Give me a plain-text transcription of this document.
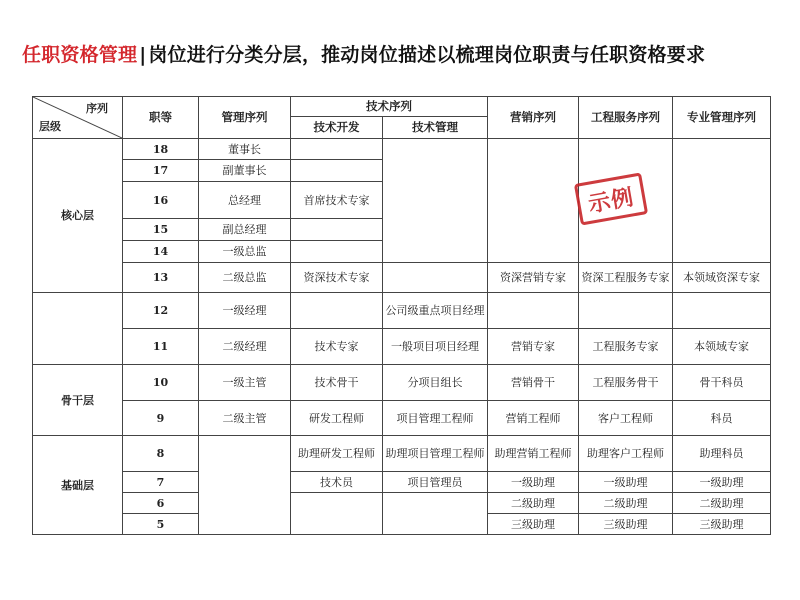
任职资格管理 | 岗位进行分类分层，推动岗位描述以梳理岗位职责与任职资格要求
序列
层级	职等	管理序列	技术序列		营销序列	工程服务序列	专业管理序列
			技术开发	技术管理			
核心层	18	董事长					
	17	副董事长					
	16	总经理	首席技术专家				
	15	副总经理					
	14	一级总监					
	13	二级总监	资深技术专家		资深营销专家	资深工程服务专家	本领域资深专家
	12	一级经理		公司级重点项目经理			
	11	二级经理	技术专家	一般项目项目经理	营销专家	工程服务专家	本领域专家
骨干层	10	一级主管	技术骨干	分项目组长	营销骨干	工程服务骨干	骨干科员
	9	二级主管	研发工程师	项目管理工程师	营销工程师	客户工程师	科员
基础层	8		助理研发工程师	助理项目管理工程师	助理营销工程师	助理客户工程师	助理科员
	7		技术员	项目管理员	一级助理	一级助理	一级助理
	6				二级助理	二级助理	二级助理
	5				三级助理	三级助理	三级助理
示例
